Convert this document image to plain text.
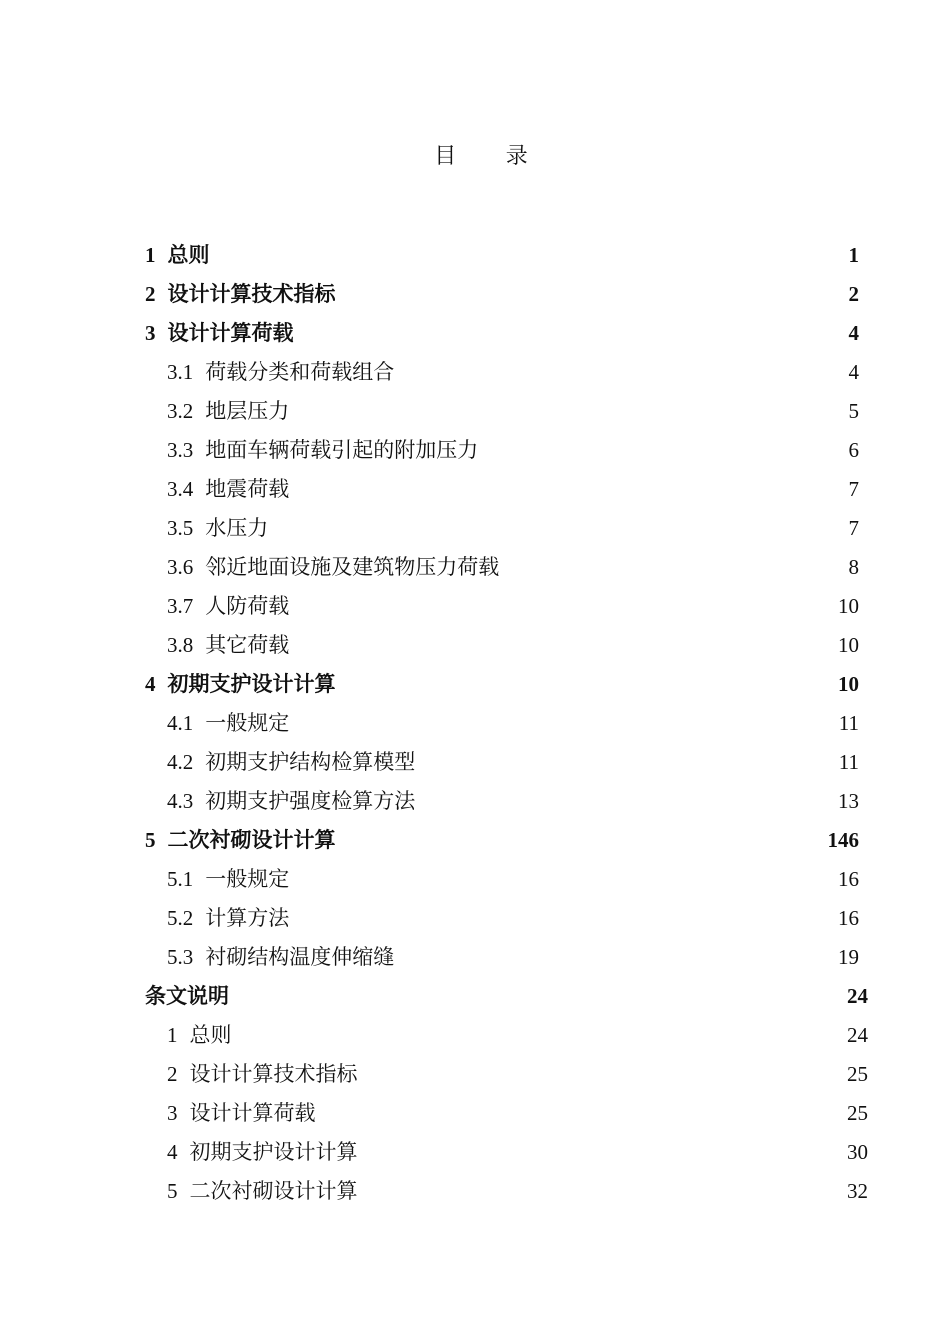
目 录
1 总则	1
2 设计计算技术指标	2
3 设计计算荷载	4
3.1 荷载分类和荷载组合	4
3.2 地层压力	5
3.3 地面车辆荷载引起的附加压力	6
3.4 地震荷载	7
3.5 水压力	7
3.6 邻近地面设施及建筑物压力荷载	8
3.7 人防荷载	10
3.8 其它荷载	10
4 初期支护设计计算	10
4.1 一般规定	11
4.2 初期支护结构检算模型	11
4.3 初期支护强度检算方法	13
5 二次衬砌设计计算	146
5.1 一般规定	16
5.2 计算方法	16
5.3 衬砌结构温度伸缩缝	19
条文说明	24
1 总则	24
2 设计计算技术指标	25
3 设计计算荷载	25
4 初期支护设计计算	30
5 二次衬砌设计计算	32
